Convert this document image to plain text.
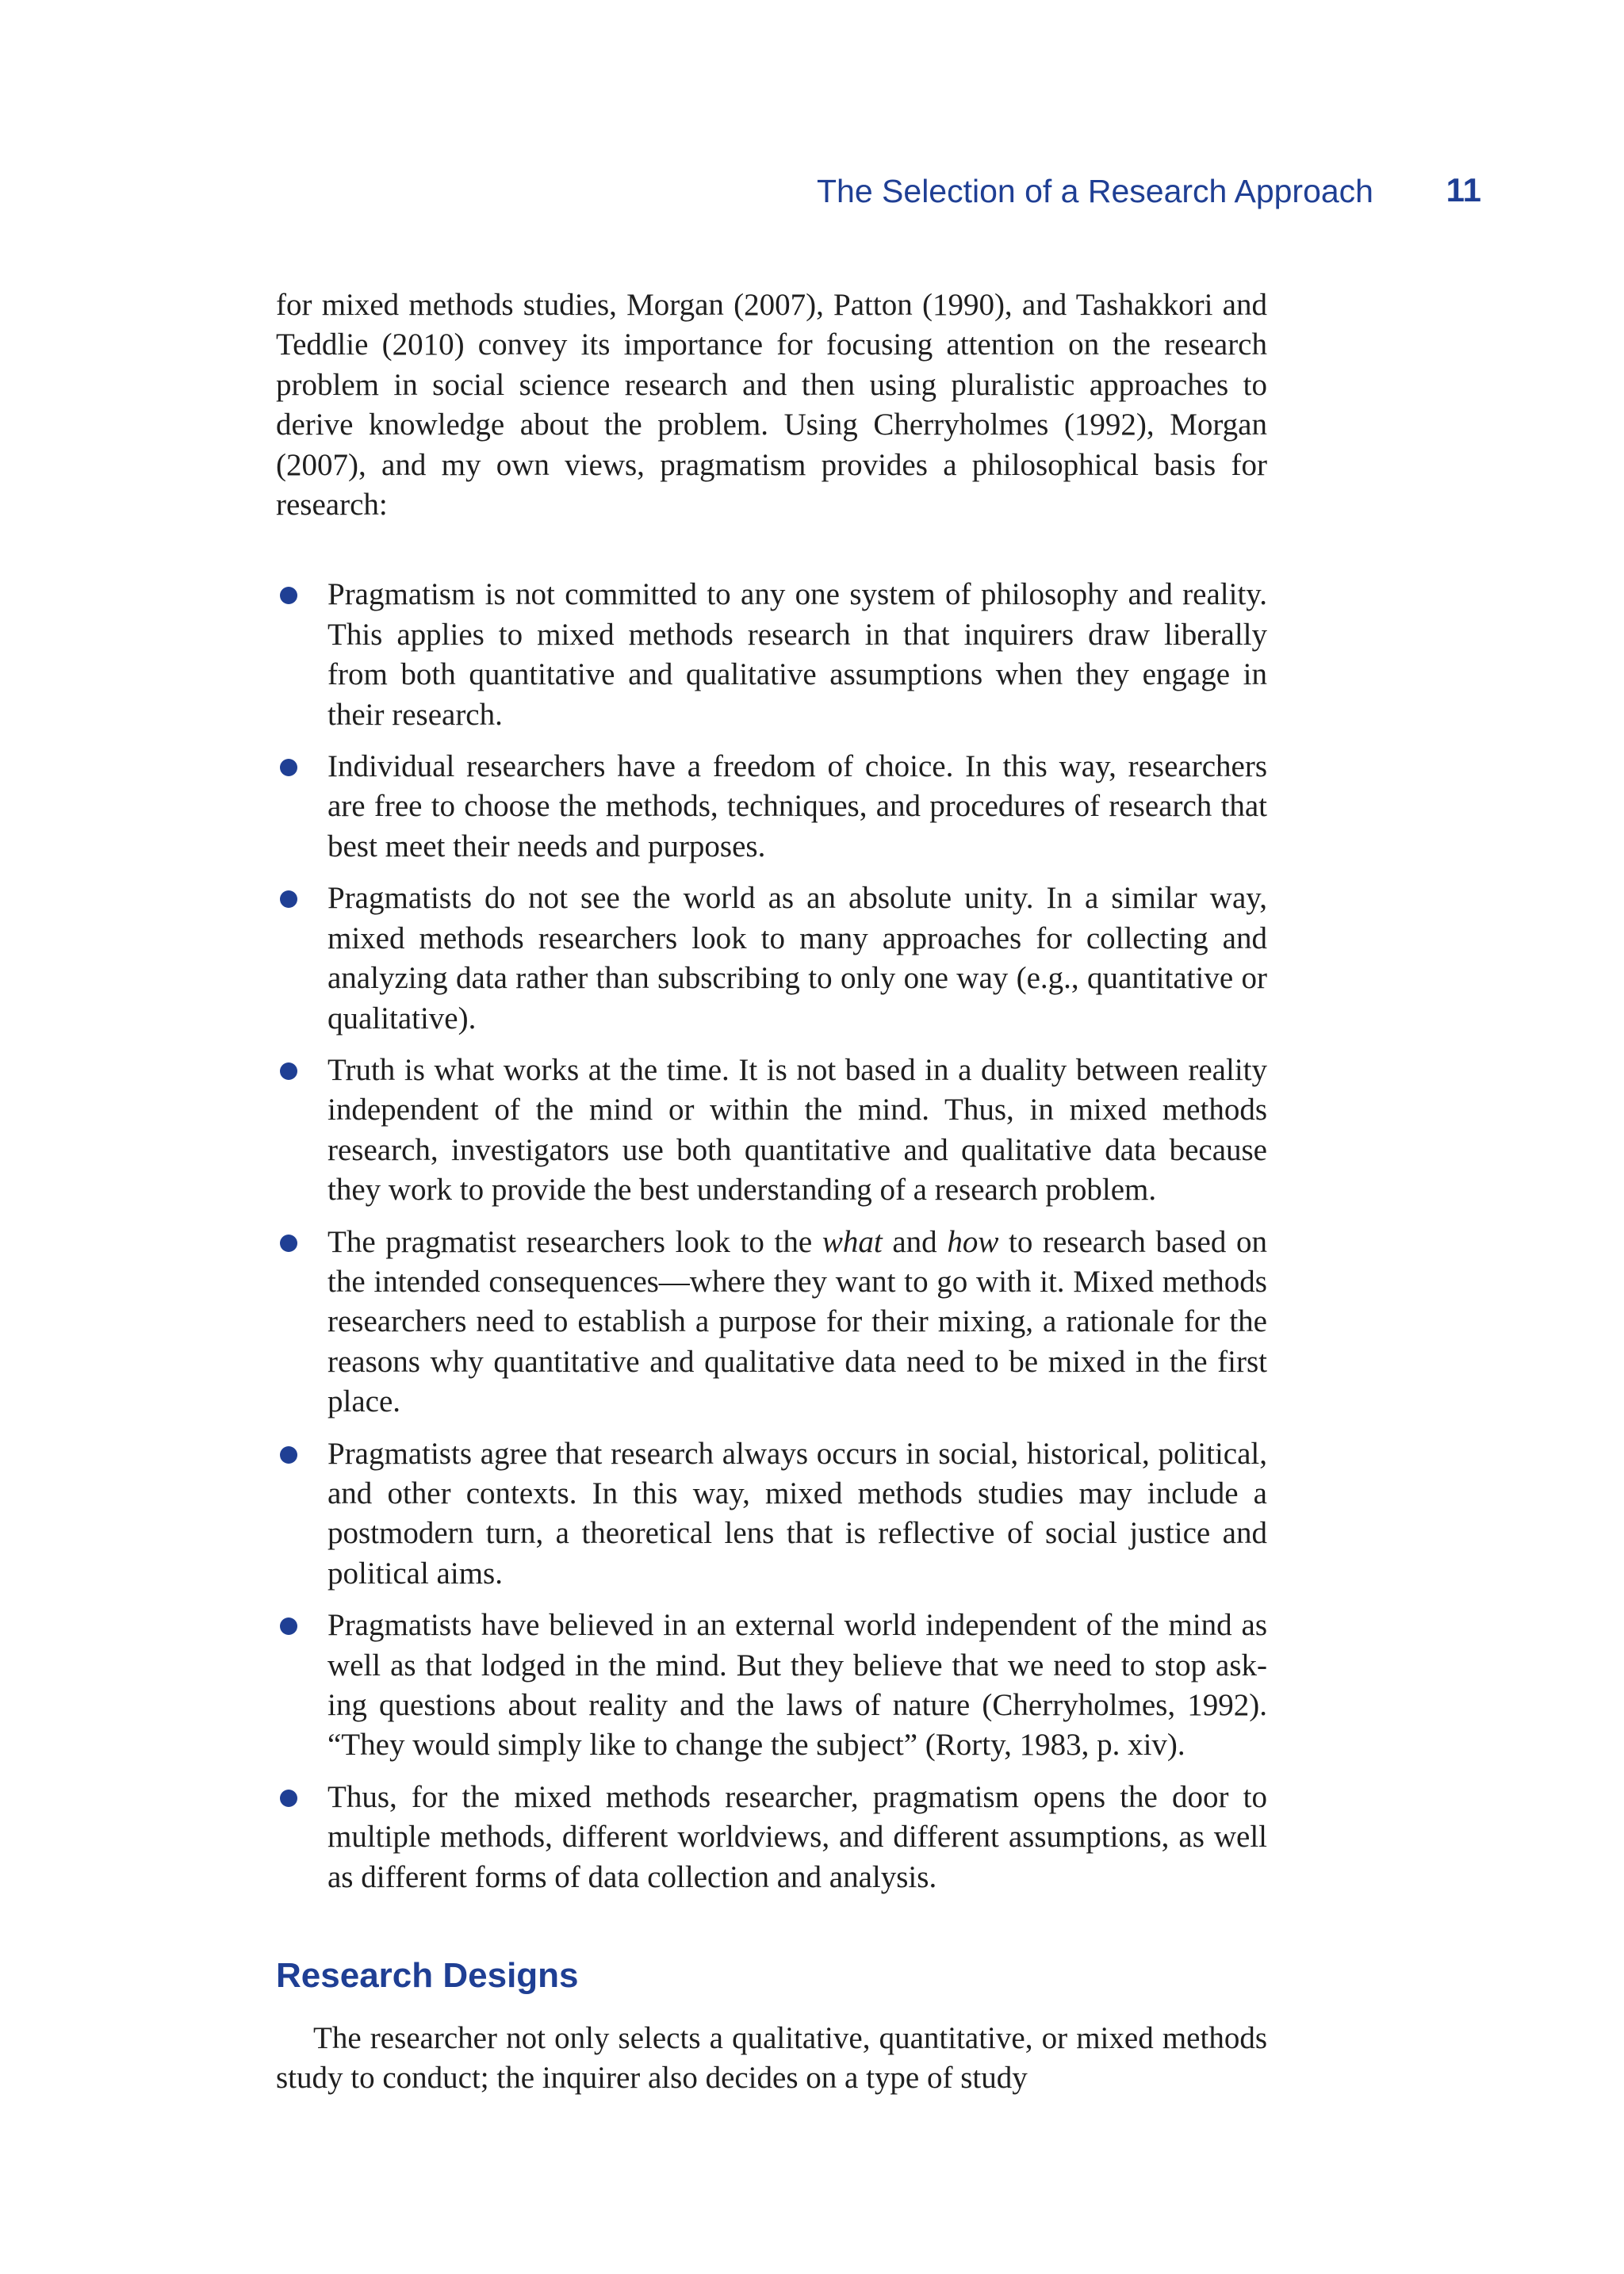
The Selection of a Research Approach 11

for mixed methods studies, Morgan (2007), Patton (1990), and Tashakkori and Teddlie (2010) convey its importance for focusing attention on the research problem in social science research and then using pluralistic approaches to derive knowledge about the problem. Using Cherryholmes (1992), Morgan (2007), and my own views, pragmatism provides a philosophical basis for research:

Pragmatism is not committed to any one system of philosophy and reality. This applies to mixed methods research in that inquirers draw liberally from both quantitative and qualitative assumptions when they engage in their research.
Individual researchers have a freedom of choice. In this way, researchers are free to choose the methods, techniques, and procedures of research that best meet their needs and purposes.
Pragmatists do not see the world as an absolute unity. In a similar way, mixed methods researchers look to many approaches for collecting and analyzing data rather than subscribing to only one way (e.g., quantitative or qualitative).
Truth is what works at the time. It is not based in a duality between reality independent of the mind or within the mind. Thus, in mixed methods research, investigators use both quantitative and qualitative data because they work to provide the best understanding of a research problem.
The pragmatist researchers look to the what and how to research based on the intended consequences—where they want to go with it. Mixed methods researchers need to establish a purpose for their mixing, a rationale for the reasons why quantitative and qualitative data need to be mixed in the first place.
Pragmatists agree that research always occurs in social, historical, political, and other contexts. In this way, mixed methods studies may include a postmodern turn, a theoretical lens that is reflective of social justice and political aims.
Pragmatists have believed in an external world independent of the mind as well as that lodged in the mind. But they believe that we need to stop asking questions about reality and the laws of nature (Cherryholmes, 1992). “They would simply like to change the subject” (Rorty, 1983, p. xiv).
Thus, for the mixed methods researcher, pragmatism opens the door to multiple methods, different worldviews, and different assumptions, as well as different forms of data collection and analysis.
Research Designs

The researcher not only selects a qualitative, quantitative, or mixed methods study to conduct; the inquirer also decides on a type of study
